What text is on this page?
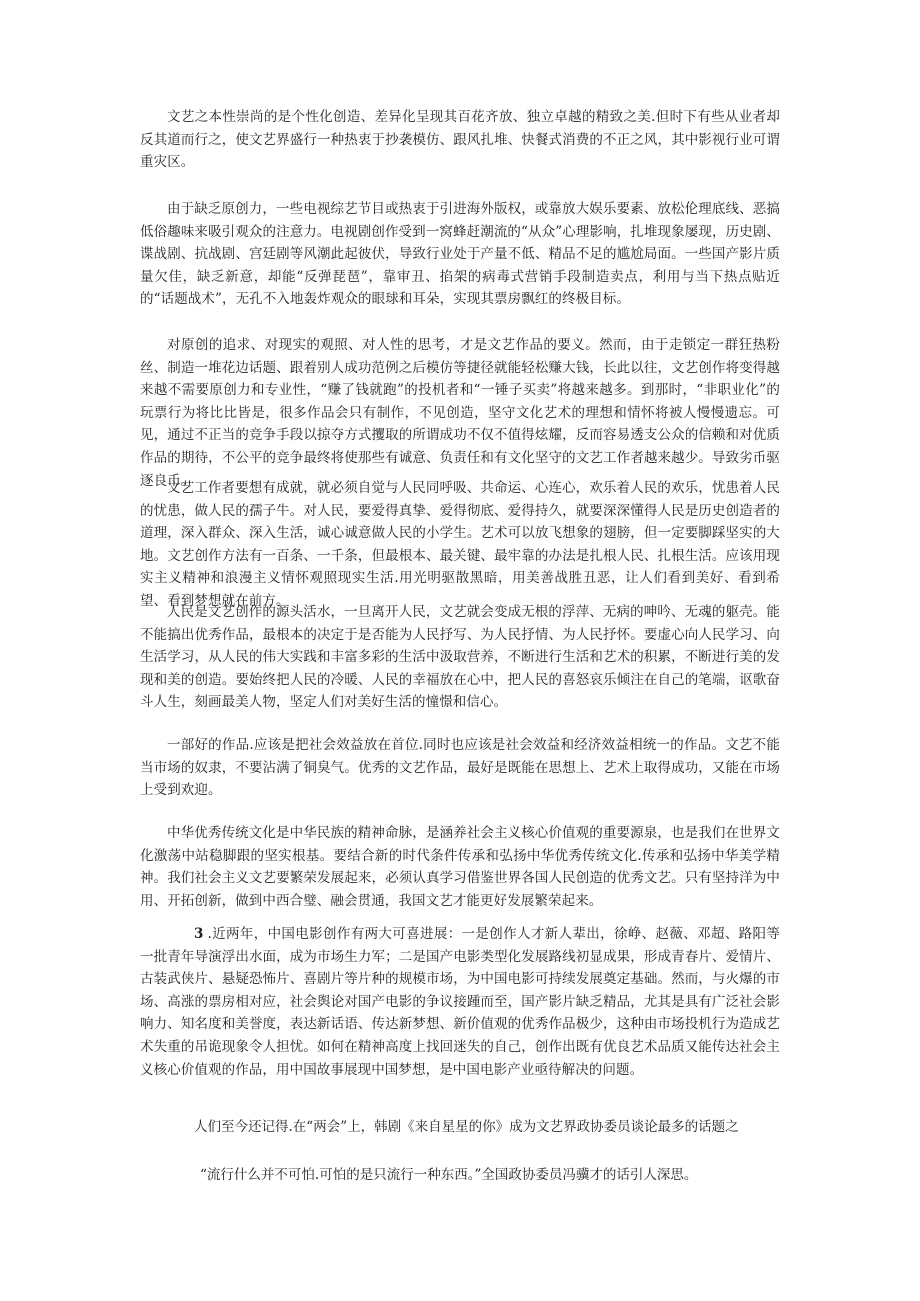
文艺之本性崇尚的是个性化创造、差异化呈现其百花齐放、独立卓越的精致之美.但时下有些从业者却反其道而行之，使文艺界盛行一种热衷于抄袭模仿、跟风扎堆、快餐式消费的不正之风，其中影视行业可谓重灾区。

由于缺乏原创力，一些电视综艺节目或热衷于引进海外版权，或靠放大娱乐要素、放松伦理底线、恶搞低俗趣味来吸引观众的注意力。电视剧创作受到一窝蜂赶潮流的“从众”心理影响，扎堆现象屡现，历史剧、谍战剧、抗战剧、宫廷剧等风潮此起彼伏，导致行业处于产量不低、精品不足的尴尬局面。一些国产影片质量欠佳，缺乏新意，却能“反弹琵琶”，靠审丑、掐架的病毒式营销手段制造卖点，利用与当下热点贴近的“话题战术”，无孔不入地轰炸观众的眼球和耳朵，实现其票房飘红的终极目标。

对原创的追求、对现实的观照、对人性的思考，才是文艺作品的要义。然而，由于走锁定一群狂热粉丝、制造一堆花边话题、跟着别人成功范例之后模仿等捷径就能轻松赚大钱，长此以往，文艺创作将变得越来越不需要原创力和专业性，“赚了钱就跑”的投机者和“一锤子买卖”将越来越多。到那时，“非职业化”的玩票行为将比比皆是，很多作品会只有制作，不见创造，坚守文化艺术的理想和情怀将被人慢慢遗忘。可见，通过不正当的竞争手段以掠夺方式攫取的所谓成功不仅不值得炫耀，反而容易透支公众的信赖和对优质作品的期待，不公平的竞争最终将使那些有诚意、负责任和有文化坚守的文艺工作者越来越少。导致劣币驱逐良币。

文艺工作者要想有成就，就必须自觉与人民同呼吸、共命运、心连心，欢乐着人民的欢乐，忧患着人民的忧患，做人民的孺子牛。对人民，要爱得真挚、爱得彻底、爱得持久，就要深深懂得人民是历史创造者的道理，深入群众、深入生活，诚心诚意做人民的小学生。艺术可以放飞想象的翅膀，但一定要脚踩坚实的大地。文艺创作方法有一百条、一千条，但最根本、最关键、最牢靠的办法是扎根人民、扎根生活。应该用现实主义精神和浪漫主义情怀观照现实生活.用光明驱散黑暗，用美善战胜丑恶，让人们看到美好、看到希望、看到梦想就在前方。

人民是文艺创作的源头活水，一旦离开人民，文艺就会变成无根的浮萍、无病的呻吟、无魂的躯壳。能不能搞出优秀作品，最根本的决定于是否能为人民抒写、为人民抒情、为人民抒怀。要虚心向人民学习、向生活学习，从人民的伟大实践和丰富多彩的生活中汲取营养，不断进行生活和艺术的积累，不断进行美的发现和美的创造。要始终把人民的冷暖、人民的幸福放在心中，把人民的喜怒哀乐倾注在自己的笔端，讴歌奋斗人生，刻画最美人物，坚定人们对美好生活的憧憬和信心。

一部好的作品.应该是把社会效益放在首位.同时也应该是社会效益和经济效益相统一的作品。文艺不能当市场的奴隶，不要沾满了铜臭气。优秀的文艺作品，最好是既能在思想上、艺术上取得成功，又能在市场上受到欢迎。

中华优秀传统文化是中华民族的精神命脉，是涵养社会主义核心价值观的重要源泉，也是我们在世界文化激荡中站稳脚跟的坚实根基。要结合新的时代条件传承和弘扬中华优秀传统文化.传承和弘扬中华美学精神。我们社会主义文艺要繁荣发展起来，必须认真学习借鉴世界各国人民创造的优秀文艺。只有坚持洋为中用、开拓创新，做到中西合璧、融会贯通，我国文艺才能更好发展繁荣起来。

3 .近两年，中国电影创作有两大可喜进展：一是创作人才新人辈出，徐峥、赵薇、邓超、路阳等一批青年导演浮出水面，成为市场生力军；二是国产电影类型化发展路线初显成果，形成青春片、爱情片、古装武侠片、悬疑恐怖片、喜剧片等片种的规模市场，为中国电影可持续发展奠定基础。然而，与火爆的市场、高涨的票房相对应，社会舆论对国产电影的争议接踵而至，国产影片缺乏精品，尤其是具有广泛社会影响力、知名度和美誉度，表达新话语、传达新梦想、新价值观的优秀作品极少，这种由市场投机行为造成艺术失重的吊诡现象令人担忧。如何在精神高度上找回迷失的自己，创作出既有优良艺术品质又能传达社会主义核心价值观的作品，用中国故事展现中国梦想，是中国电影产业亟待解决的问题。

人们至今还记得.在“两会”上，韩剧《来自星星的你》成为文艺界政协委员谈论最多的话题之

“流行什么并不可怕.可怕的是只流行一种东西。”全国政协委员冯骥才的话引人深思。
